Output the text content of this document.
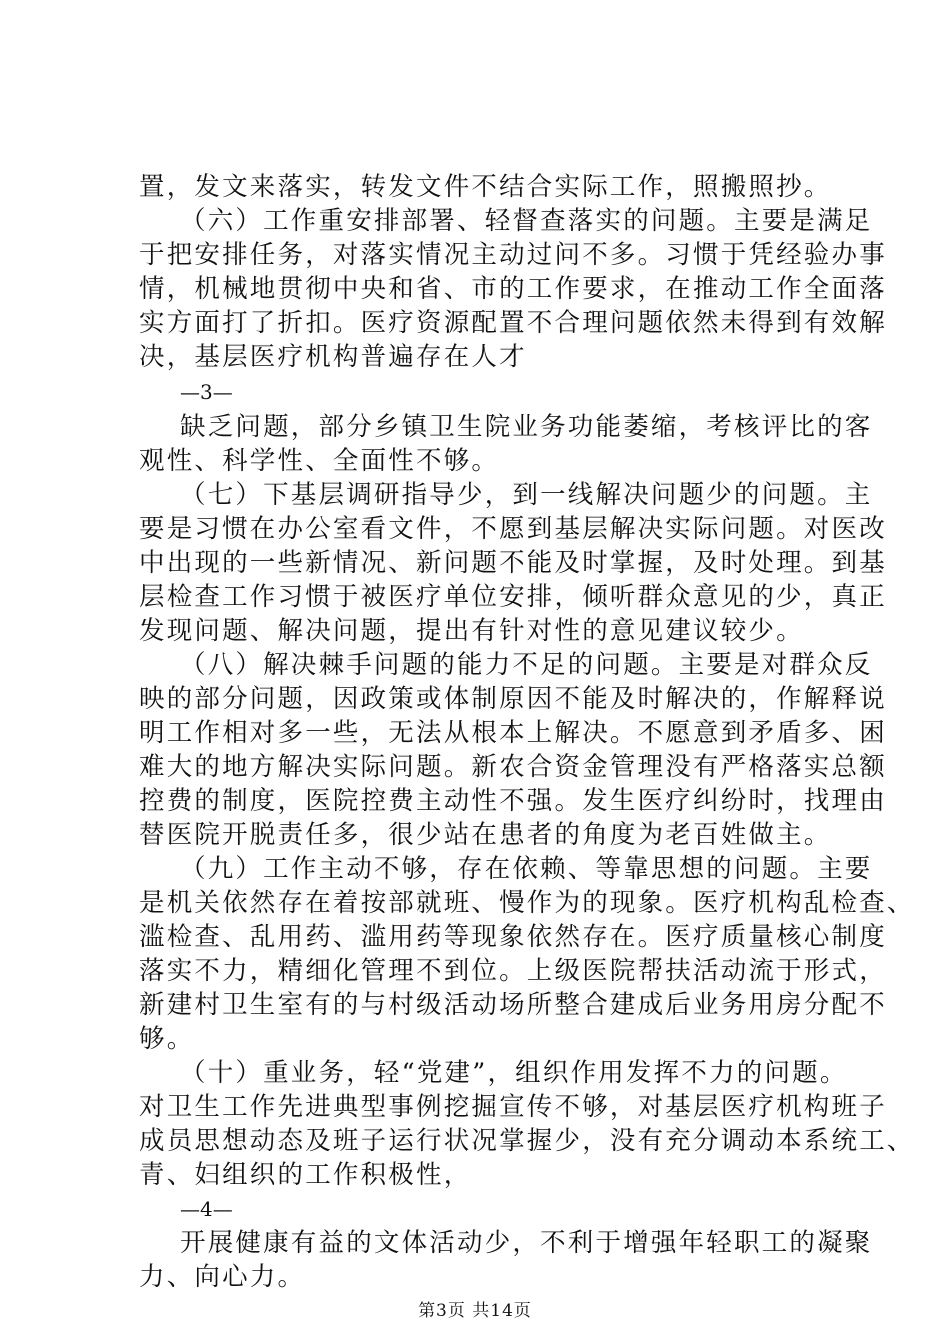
置，发文来落实，转发文件不结合实际工作，照搬照抄。

（六）工作重安排部署、轻督查落实的问题。主要是满足

于把安排任务，对落实情况主动过问不多。习惯于凭经验办事

情，机械地贯彻中央和省、市的工作要求，在推动工作全面落

实方面打了折扣。医疗资源配置不合理问题依然未得到有效解

决，基层医疗机构普遍存在人才

—3—

缺乏问题，部分乡镇卫生院业务功能萎缩，考核评比的客

观性、科学性、全面性不够。

（七）下基层调研指导少，到一线解决问题少的问题。主

要是习惯在办公室看文件，不愿到基层解决实际问题。对医改

中出现的一些新情况、新问题不能及时掌握，及时处理。到基

层检查工作习惯于被医疗单位安排，倾听群众意见的少，真正

发现问题、解决问题，提出有针对性的意见建议较少。

（八）解决棘手问题的能力不足的问题。主要是对群众反

映的部分问题，因政策或体制原因不能及时解决的，作解释说

明工作相对多一些，无法从根本上解决。不愿意到矛盾多、困

难大的地方解决实际问题。新农合资金管理没有严格落实总额

控费的制度，医院控费主动性不强。发生医疗纠纷时，找理由

替医院开脱责任多，很少站在患者的角度为老百姓做主。

（九）工作主动不够，存在依赖、等靠思想的问题。主要

是机关依然存在着按部就班、慢作为的现象。医疗机构乱检查、

滥检查、乱用药、滥用药等现象依然存在。医疗质量核心制度

落实不力，精细化管理不到位。上级医院帮扶活动流于形式，

新建村卫生室有的与村级活动场所整合建成后业务用房分配不

够。

（十）重业务，轻“党建”，组织作用发挥不力的问题。

对卫生工作先进典型事例挖掘宣传不够，对基层医疗机构班子

成员思想动态及班子运行状况掌握少，没有充分调动本系统工、

青、妇组织的工作积极性，

—4—

开展健康有益的文体活动少，不利于增强年轻职工的凝聚

力、向心力。

第3页 共14页
